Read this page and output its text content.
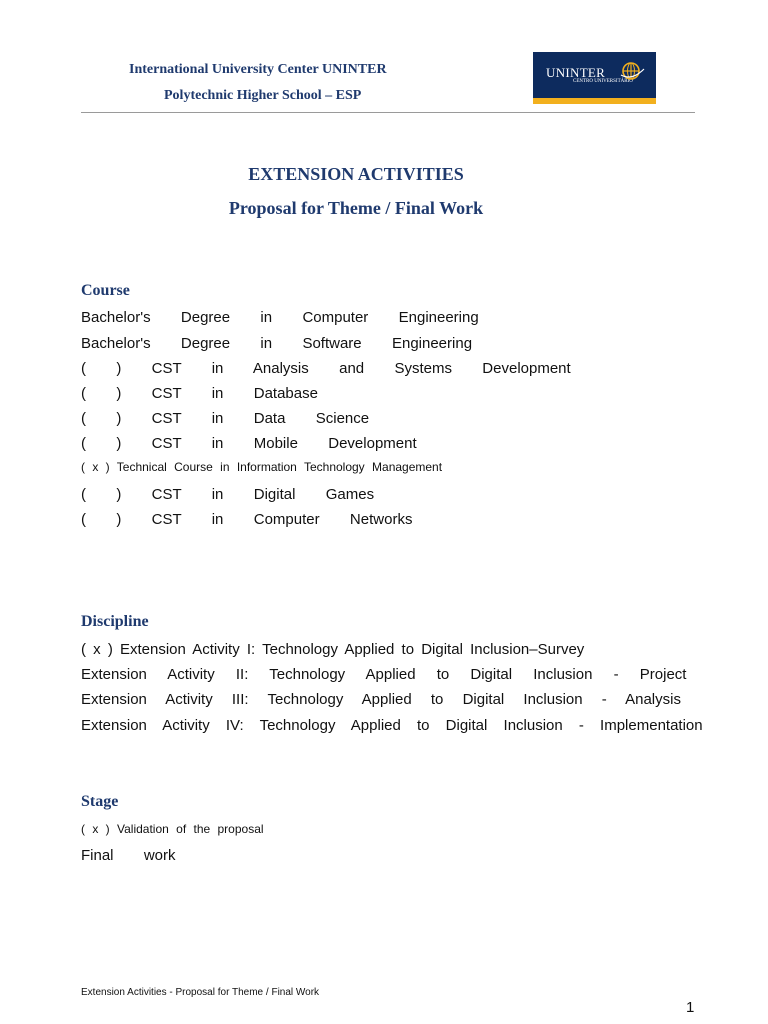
International University Center UNINTER
Polytechnic Higher School – ESP
UNINTER
CENTRO UNIVERSITÁRIO
EXTENSION ACTIVITIES
Proposal for Theme / Final Work
Course
Bachelor's  Degree  in  Computer  Engineering
Bachelor's  Degree  in  Software  Engineering
(  )  CST  in  Analysis  and  Systems  Development
(  )  CST  in  Database
(  )  CST  in  Data  Science
(  )  CST  in  Mobile  Development
( x ) Technical Course in Information Technology Management
(  )  CST  in  Digital  Games
(  )  CST  in  Computer  Networks
Discipline
( x ) Extension Activity I: Technology Applied to Digital Inclusion–Survey
Extension Activity II: Technology Applied to Digital Inclusion - Project
Extension Activity III: Technology Applied to Digital Inclusion - Analysis
Extension Activity IV: Technology Applied to Digital Inclusion - Implementation
Stage
( x ) Validation of the proposal
Final  work
Extension Activities - Proposal for Theme / Final Work
1
